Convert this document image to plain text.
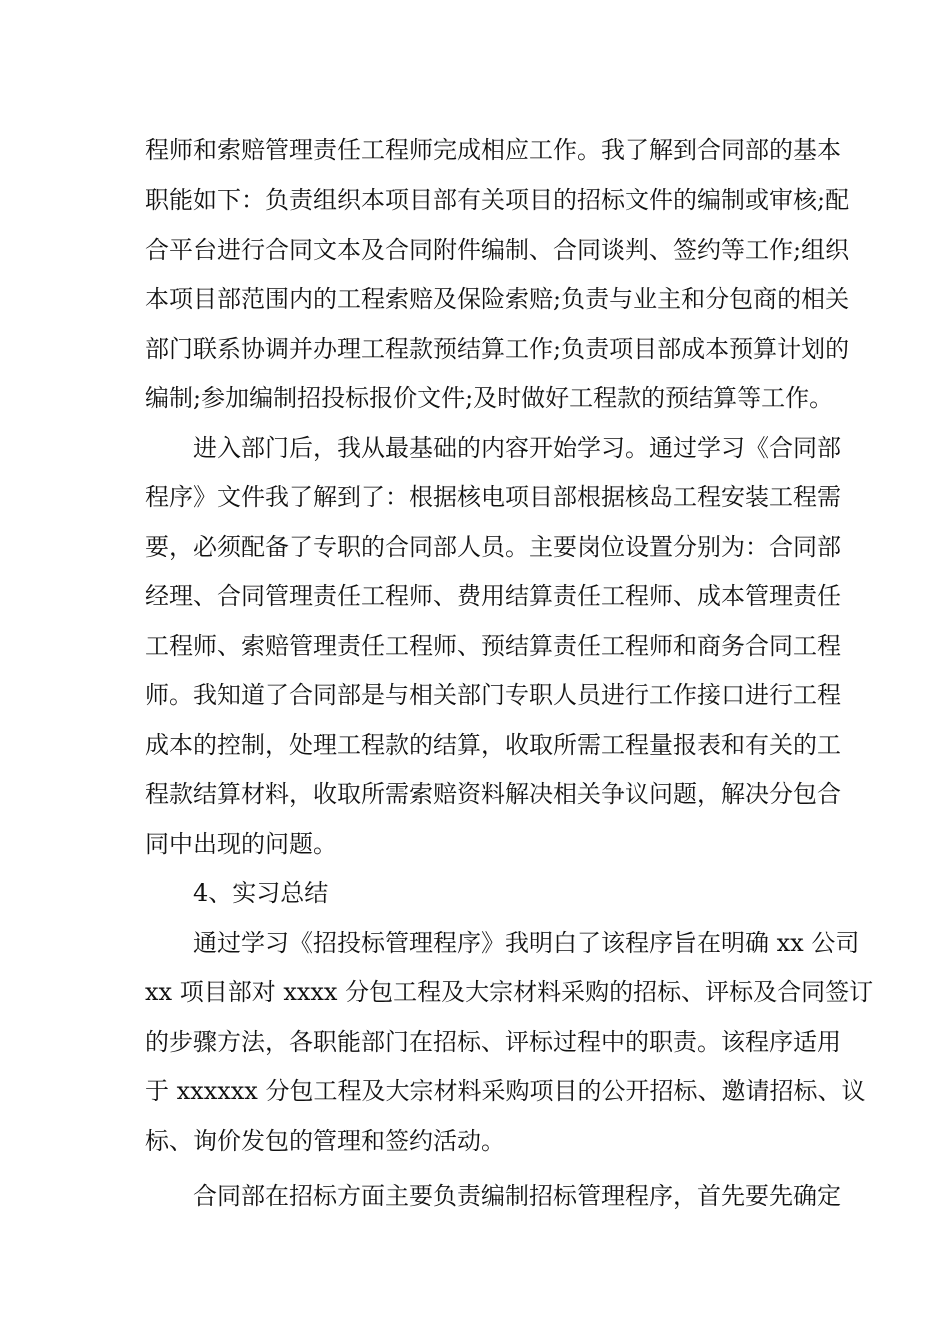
程师和索赔管理责任工程师完成相应工作。我了解到合同部的基本
职能如下：负责组织本项目部有关项目的招标文件的编制或审核;配
合平台进行合同文本及合同附件编制、合同谈判、签约等工作;组织
本项目部范围内的工程索赔及保险索赔;负责与业主和分包商的相关
部门联系协调并办理工程款预结算工作;负责项目部成本预算计划的
编制;参加编制招投标报价文件;及时做好工程款的预结算等工作。
进入部门后，我从最基础的内容开始学习。通过学习《合同部
程序》文件我了解到了：根据核电项目部根据核岛工程安装工程需
要，必须配备了专职的合同部人员。主要岗位设置分别为：合同部
经理、合同管理责任工程师、费用结算责任工程师、成本管理责任
工程师、索赔管理责任工程师、预结算责任工程师和商务合同工程
师。我知道了合同部是与相关部门专职人员进行工作接口进行工程
成本的控制，处理工程款的结算，收取所需工程量报表和有关的工
程款结算材料，收取所需索赔资料解决相关争议问题，解决分包合
同中出现的问题。
4、实习总结
通过学习《招投标管理程序》我明白了该程序旨在明确 xx 公司
xx 项目部对 xxxx 分包工程及大宗材料采购的招标、评标及合同签订
的步骤方法，各职能部门在招标、评标过程中的职责。该程序适用
于 xxxxxx 分包工程及大宗材料采购项目的公开招标、邀请招标、议
标、询价发包的管理和签约活动。
合同部在招标方面主要负责编制招标管理程序，首先要先确定
